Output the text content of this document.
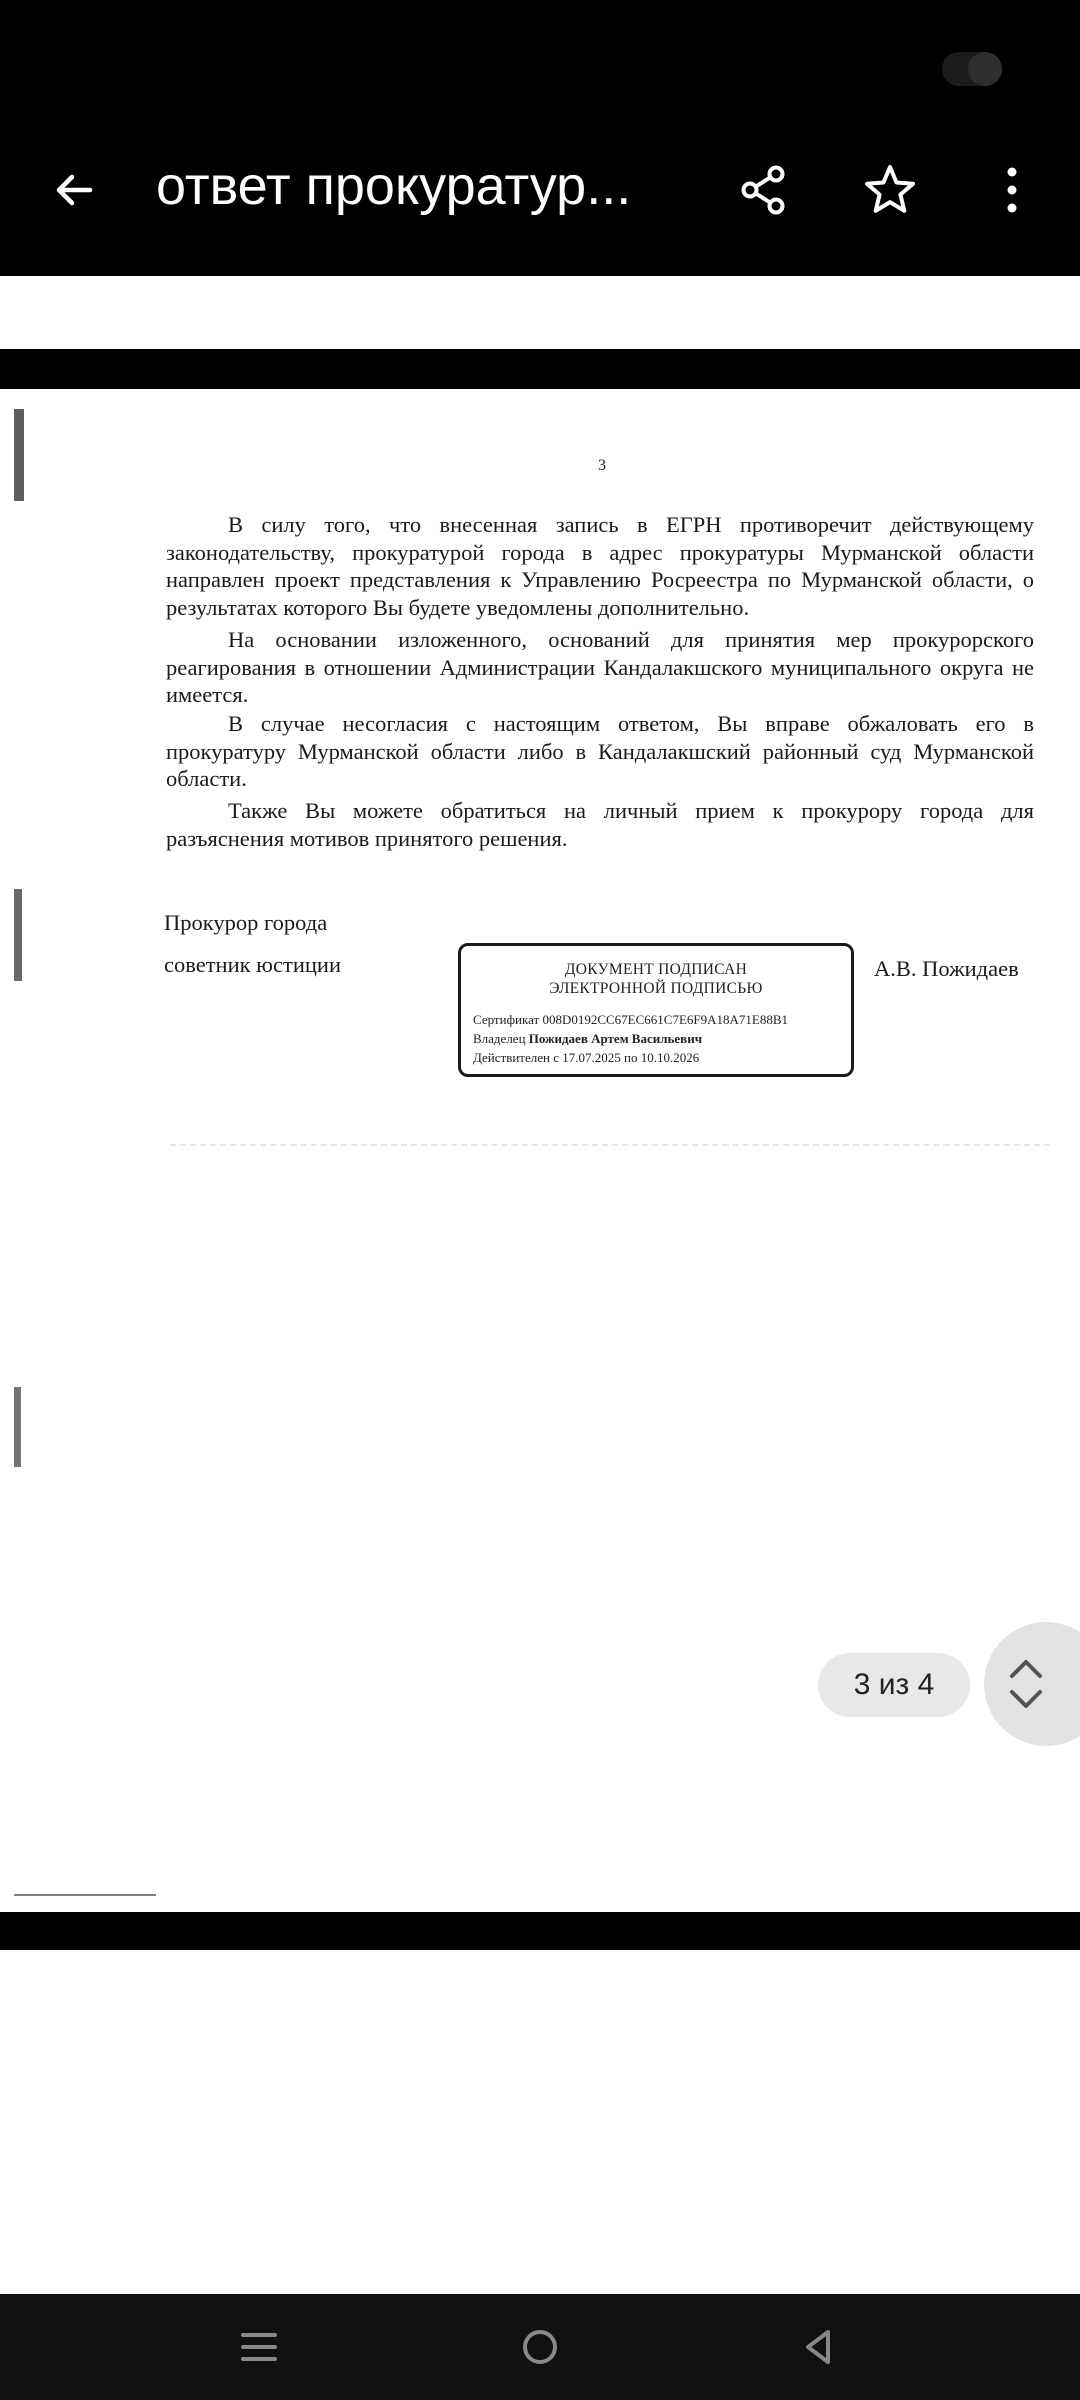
ответ прокуратур...
3

В силу того, что внесенная запись в ЕГРН противоречит действующему законодательству, прокуратурой города в адрес прокуратуры Мурманской области направлен проект представления к Управлению Росреестра по Мурманской области, о результатах которого Вы будете уведомлены дополнительно.

На основании изложенного, оснований для принятия мер прокурорского реагирования в отношении Администрации Кандалакшского муниципального округа не имеется.

В случае несогласия с настоящим ответом, Вы вправе обжаловать его в прокуратуру Мурманской области либо в Кандалакшский районный суд Мурманской области.

Также Вы можете обратиться на личный прием к прокурору города для разъяснения мотивов принятого решения.

Прокурор города
советник юстиции	А.В. Пожидаев
ДОКУМЕНТ ПОДПИСАН
ЭЛЕКТРОННОЙ ПОДПИСЬЮ
Сертификат 008D0192CC67EC661C7E6F9A18A71E88B1
Владелец Пожидаев Артем Васильевич
Действителен с 17.07.2025 по 10.10.2026
3 из 4
